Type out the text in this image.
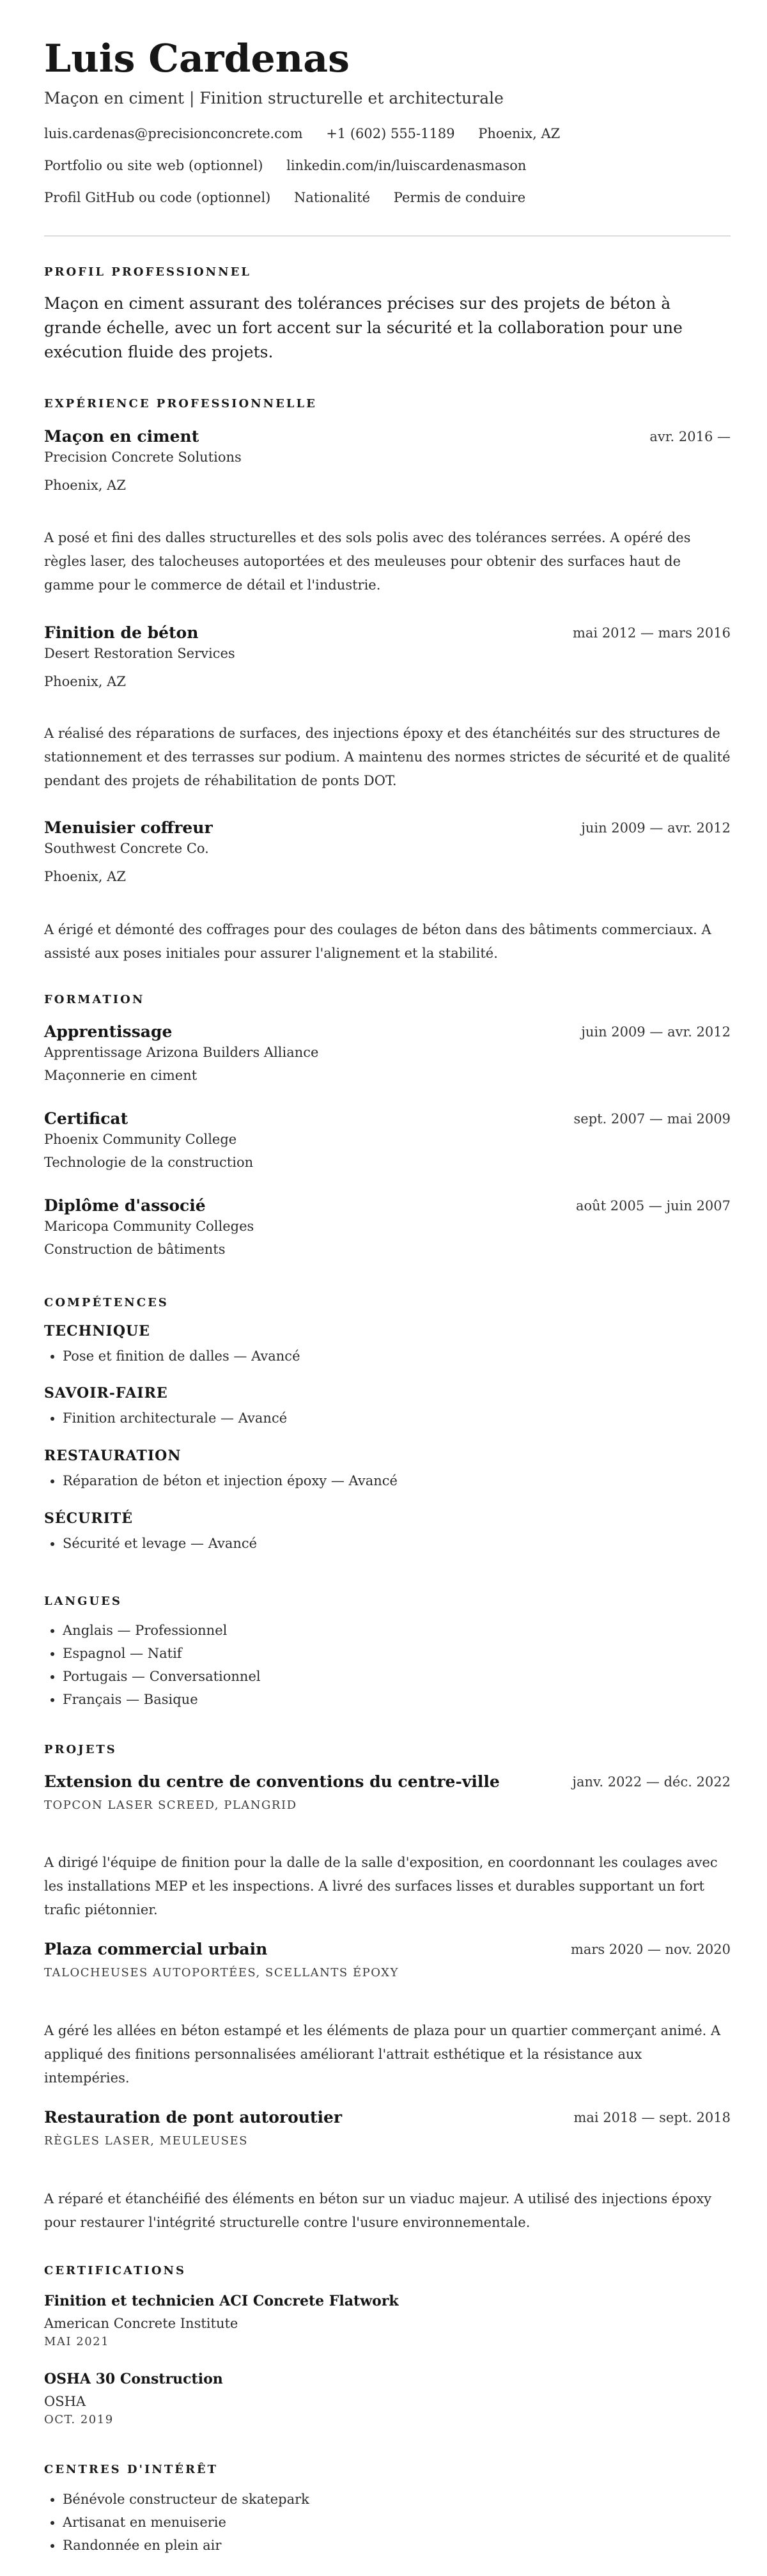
Luis Cardenas
Maçon en ciment | Finition structurelle et architecturale
luis.cardenas@precisionconcrete.com +1 (602) 555-1189 Phoenix, AZ
Portfolio ou site web (optionnel) linkedin.com/in/luiscardenasmason
Profil GitHub ou code (optionnel) Nationalité Permis de conduire
PROFIL PROFESSIONNEL
Maçon en ciment assurant des tolérances précises sur des projets de béton à grande échelle, avec un fort accent sur la sécurité et la collaboration pour une exécution fluide des projets.
EXPÉRIENCE PROFESSIONNELLE
Maçon en ciment	avr. 2016 —
Precision Concrete Solutions
Phoenix, AZ
A posé et fini des dalles structurelles et des sols polis avec des tolérances serrées. A opéré des règles laser, des talocheuses autoportées et des meuleuses pour obtenir des surfaces haut de gamme pour le commerce de détail et l'industrie.
Finition de béton	mai 2012 — mars 2016
Desert Restoration Services
Phoenix, AZ
A réalisé des réparations de surfaces, des injections époxy et des étanchéités sur des structures de stationnement et des terrasses sur podium. A maintenu des normes strictes de sécurité et de qualité pendant des projets de réhabilitation de ponts DOT.
Menuisier coffreur	juin 2009 — avr. 2012
Southwest Concrete Co.
Phoenix, AZ
A érigé et démonté des coffrages pour des coulages de béton dans des bâtiments commerciaux. A assisté aux poses initiales pour assurer l'alignement et la stabilité.
FORMATION
Apprentissage	juin 2009 — avr. 2012
Apprentissage Arizona Builders Alliance
Maçonnerie en ciment
Certificat	sept. 2007 — mai 2009
Phoenix Community College
Technologie de la construction
Diplôme d'associé	août 2005 — juin 2007
Maricopa Community Colleges
Construction de bâtiments
COMPÉTENCES
TECHNIQUE
• Pose et finition de dalles — Avancé
SAVOIR-FAIRE
• Finition architecturale — Avancé
RESTAURATION
• Réparation de béton et injection époxy — Avancé
SÉCURITÉ
• Sécurité et levage — Avancé
LANGUES
• Anglais — Professionnel
• Espagnol — Natif
• Portugais — Conversationnel
• Français — Basique
PROJETS
Extension du centre de conventions du centre-ville	janv. 2022 — déc. 2022
TOPCON LASER SCREED, PLANGRID
A dirigé l'équipe de finition pour la dalle de la salle d'exposition, en coordonnant les coulages avec les installations MEP et les inspections. A livré des surfaces lisses et durables supportant un fort trafic piétonnier.
Plaza commercial urbain	mars 2020 — nov. 2020
TALOCHEUSES AUTOPORTÉES, SCELLANTS ÉPOXY
A géré les allées en béton estampé et les éléments de plaza pour un quartier commerçant animé. A appliqué des finitions personnalisées améliorant l'attrait esthétique et la résistance aux intempéries.
Restauration de pont autoroutier	mai 2018 — sept. 2018
RÈGLES LASER, MEULEUSES
A réparé et étanchéifié des éléments en béton sur un viaduc majeur. A utilisé des injections époxy pour restaurer l'intégrité structurelle contre l'usure environnementale.
CERTIFICATIONS
Finition et technicien ACI Concrete Flatwork
American Concrete Institute
MAI 2021
OSHA 30 Construction
OSHA
OCT. 2019
CENTRES D'INTÉRÊT
• Bénévole constructeur de skatepark
• Artisanat en menuiserie
• Randonnée en plein air
